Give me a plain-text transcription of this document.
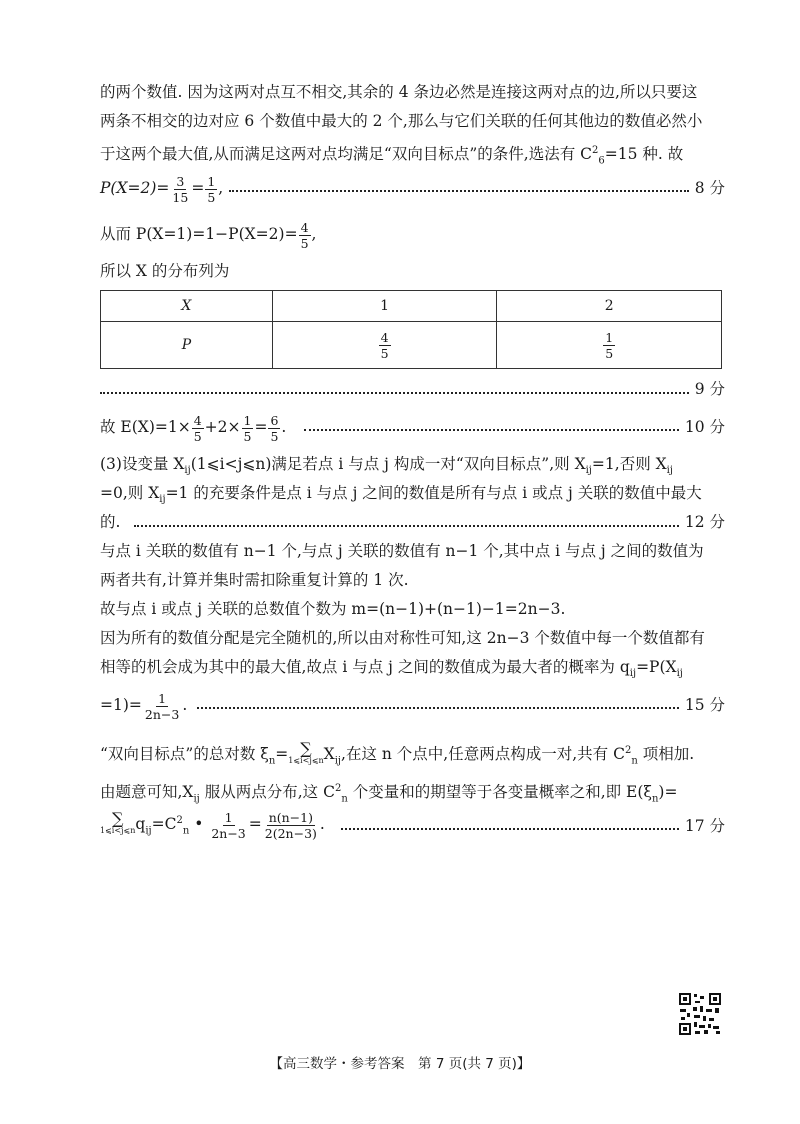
的两个数值. 因为这两对点互不相交,其余的 4 条边必然是连接这两对点的边,所以只要这
两条不相交的边对应 6 个数值中最大的 2 个,那么与它们关联的任何其他边的数值必然小
于这两个最大值,从而满足这两对点均满足“双向目标点”的条件,选法有 $C^2_6=15$ 种. 故
$P(X=2)= \frac{3}{15} = \frac{1}{5}$ ,	8 分
从而 $P(X=1)=1-P(X=2)= \frac{4}{5}$ ,
所以 X 的分布列为
X	1	2
P	$\frac{4}{5}$	$\frac{1}{5}$
9 分
故 $E(X)=1\times \frac{4}{5} +2\times \frac{1}{5} = \frac{6}{5}$ .	10 分
(3)设变量 $X_{ij}(1⩽i<j⩽n)$满足若点 i 与点 j 构成一对“双向目标点”,则 $X_{ij}=1$,否则 $X_{ij}$
=0,则 $X_{ij}=1$ 的充要条件是点 i 与点 j 之间的数值是所有与点 i 或点 j 关联的数值中最大
的.	12 分
与点 i 关联的数值有 n−1 个,与点 j 关联的数值有 n−1 个,其中点 i 与点 j 之间的数值为
两者共有,计算并集时需扣除重复计算的 1 次.
故与点 i 或点 j 关联的总数值个数为 m=(n−1)+(n−1)−1=2n−3.
因为所有的数值分配是完全随机的,所以由对称性可知,这 2n−3 个数值中每一个数值都有
相等的机会成为其中的最大值,故点 i 与点 j 之间的数值成为最大者的概率为 $q_{ij}=P(X_{ij}$
$=1)= \frac{1}{2n-3}$ .	15 分
“双向目标点”的总对数 $\xi_n=$ ∑
1⩽i<j⩽n $X_{ij}$,在这 n 个点中,任意两点构成一对,共有 $C^2_n$ 项相加.
由题意可知$,X_{ij}$ 服从两点分布,这 $C^2_n$ 个变量和的期望等于各变量概率之和,即 $E(\xi_n)=$
∑
1⩽i<j⩽n $q_{ij}=C^2_n$ • $\frac{1}{2n-3} = \frac{n(n-1)}{2(2n-3)}$ .	17 分
【高三数学・参考答案　第 7 页(共 7 页)】
